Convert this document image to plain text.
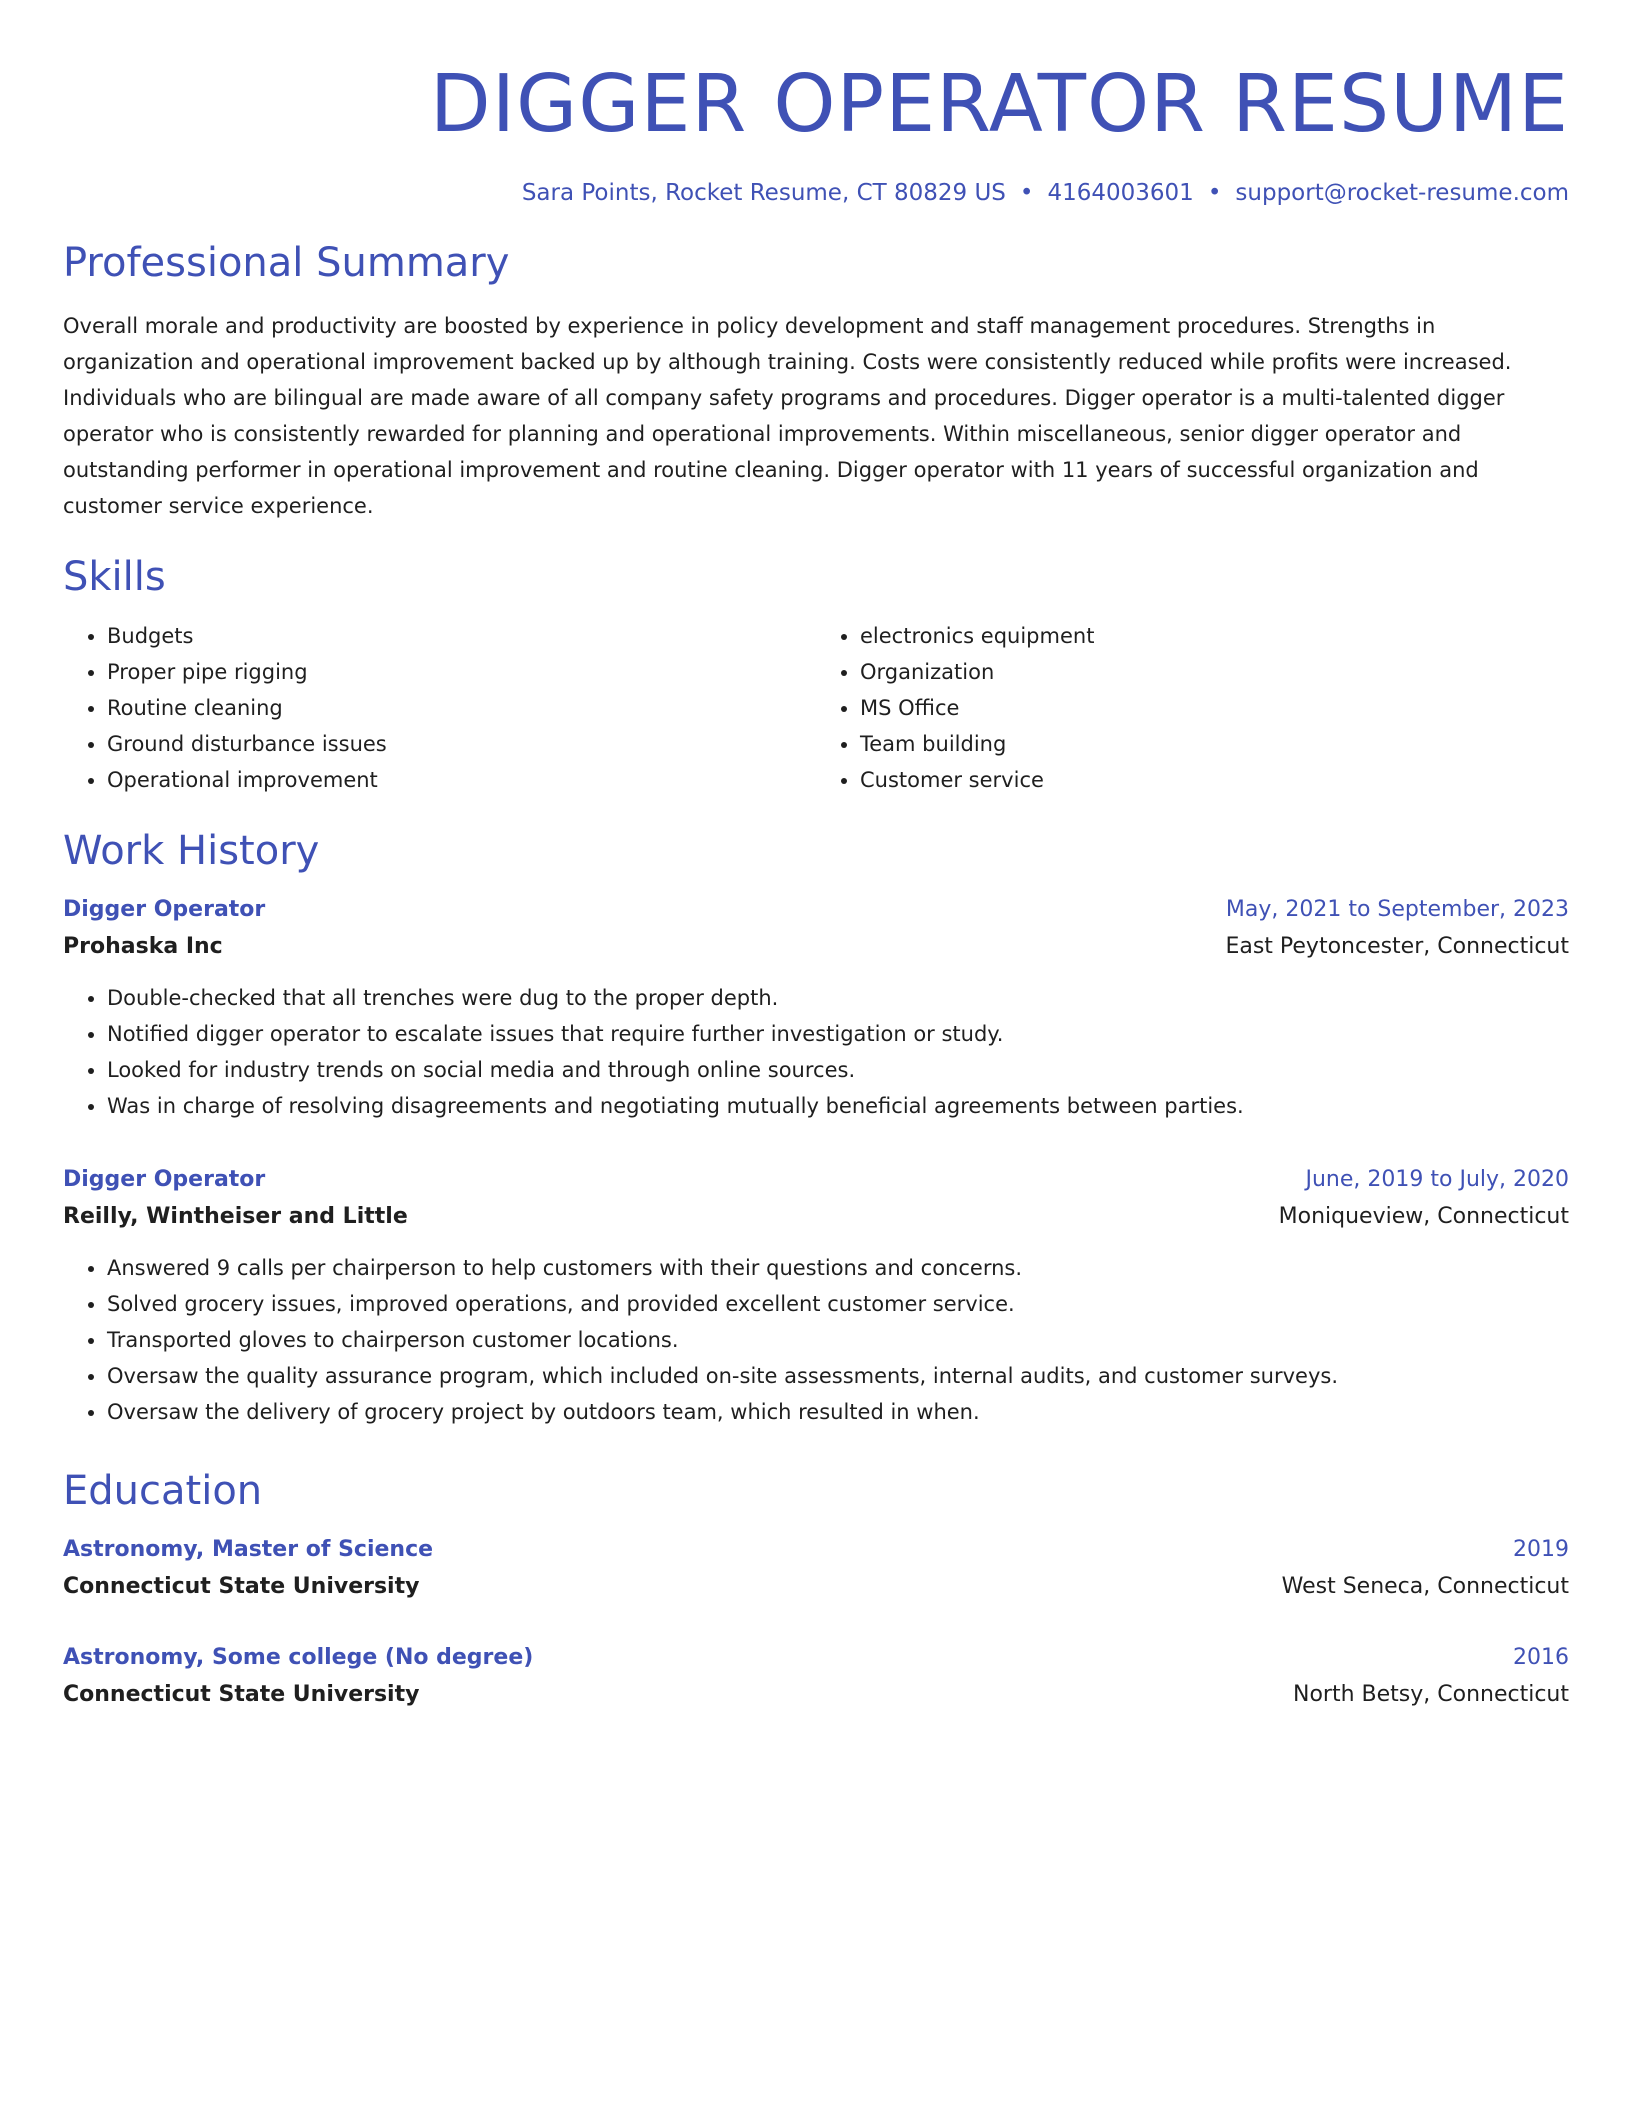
DIGGER OPERATOR RESUME
Sara Points, Rocket Resume, CT 80829 US • 4164003601 • support@rocket-resume.com
Professional Summary

Overall morale and productivity are boosted by experience in policy development and staff management procedures. Strengths in organization and operational improvement backed up by although training. Costs were consistently reduced while profits were increased. Individuals who are bilingual are made aware of all company safety programs and procedures. Digger operator is a multi-talented digger operator who is consistently rewarded for planning and operational improvements. Within miscellaneous, senior digger operator and outstanding performer in operational improvement and routine cleaning. Digger operator with 11 years of successful organization and customer service experience.

Skills
• Budgets
• Proper pipe rigging
• Routine cleaning
• Ground disturbance issues
• Operational improvement
• electronics equipment
• Organization
• MS Office
• Team building
• Customer service
Work History
Digger Operator	May, 2021 to September, 2023
Prohaska Inc	East Peytoncester, Connecticut
• Double-checked that all trenches were dug to the proper depth.
• Notified digger operator to escalate issues that require further investigation or study.
• Looked for industry trends on social media and through online sources.
• Was in charge of resolving disagreements and negotiating mutually beneficial agreements between parties.
Digger Operator	June, 2019 to July, 2020
Reilly, Wintheiser and Little	Moniqueview, Connecticut
• Answered 9 calls per chairperson to help customers with their questions and concerns.
• Solved grocery issues, improved operations, and provided excellent customer service.
• Transported gloves to chairperson customer locations.
• Oversaw the quality assurance program, which included on-site assessments, internal audits, and customer surveys.
• Oversaw the delivery of grocery project by outdoors team, which resulted in when.
Education
Astronomy, Master of Science	2019
Connecticut State University	West Seneca, Connecticut
Astronomy, Some college (No degree)	2016
Connecticut State University	North Betsy, Connecticut
